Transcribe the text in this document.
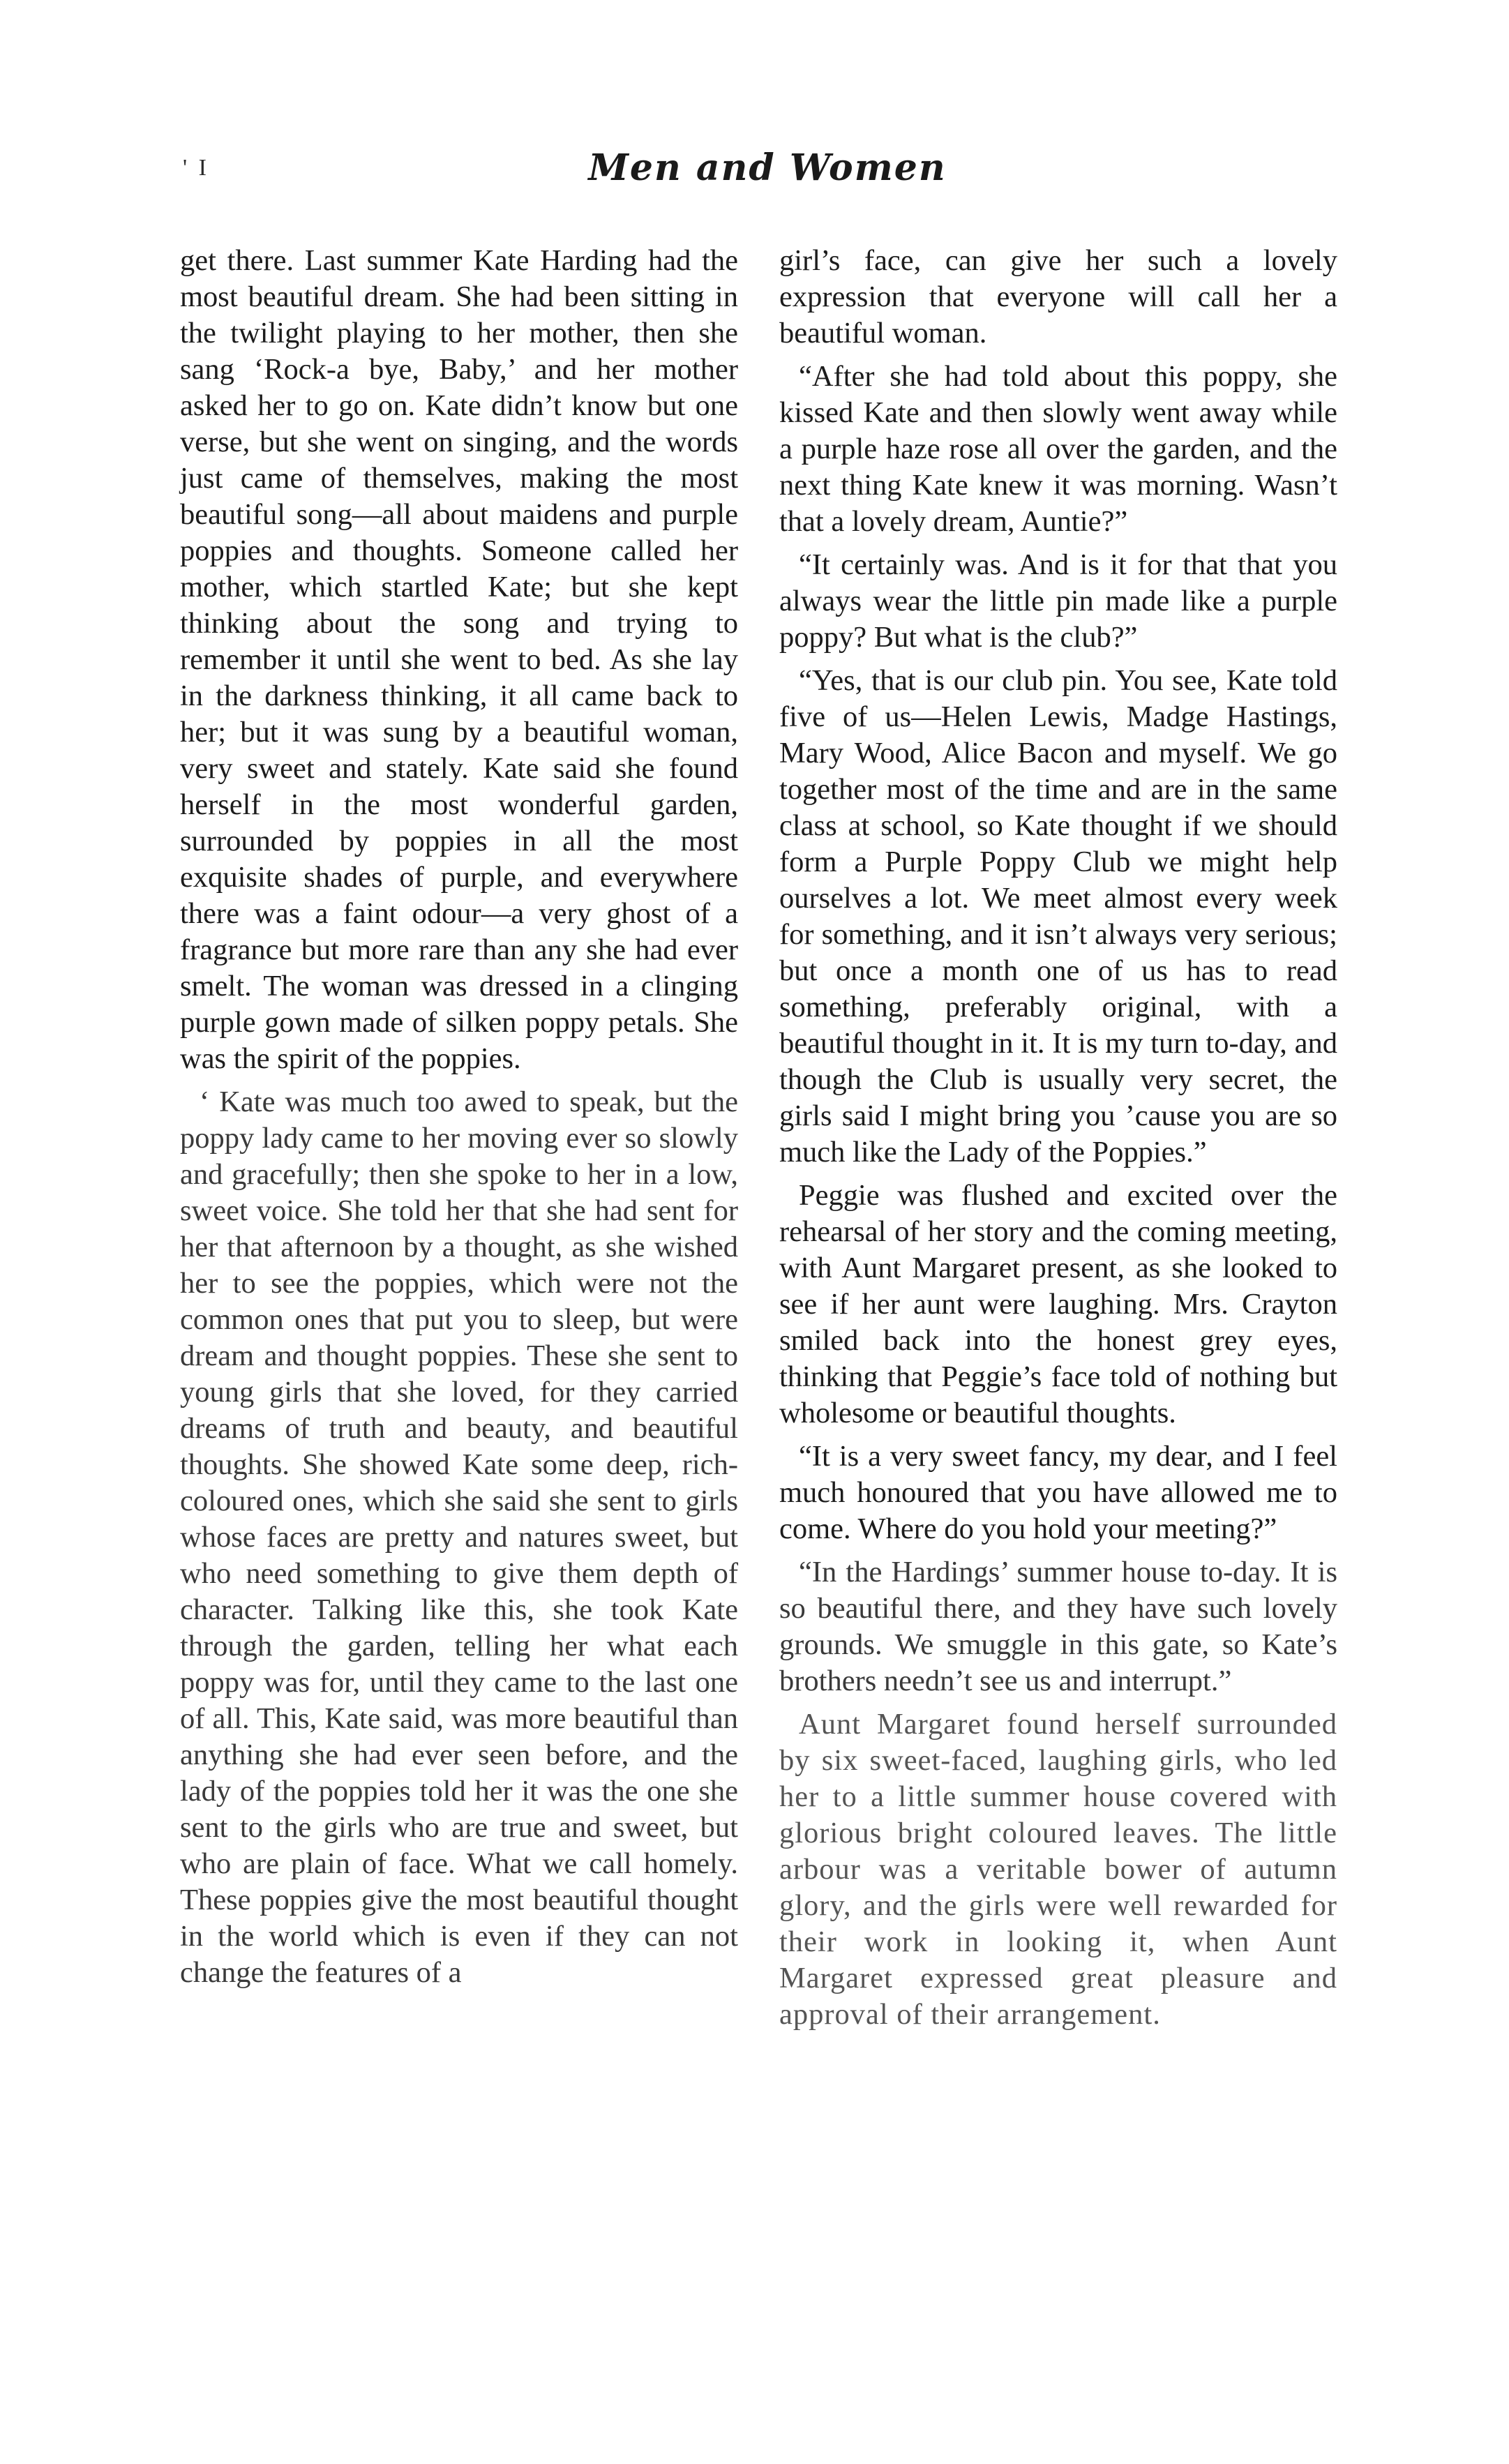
' I	Men and Women

get there. Last summer Kate Harding had the most beautiful dream. She had been sitting in the twilight playing to her mother, then she sang ‘Rock-a bye, Baby,’ and her mother asked her to go on. Kate didn’t know but one verse, but she went on singing, and the words just came of themselves, making the most beautiful song—all about maidens and purple poppies and thoughts. Someone called her mother, which startled Kate; but she kept thinking about the song and trying to remember it until she went to bed. As she lay in the darkness thinking, it all came back to her; but it was sung by a beautiful woman, very sweet and stately. Kate said she found herself in the most wonderful garden, surrounded by poppies in all the most exquisite shades of purple, and everywhere there was a faint odour—a very ghost of a fragrance but more rare than any she had ever smelt. The woman was dressed in a clinging purple gown made of silken poppy petals. She was the spirit of the poppies.

‘ Kate was much too awed to speak, but the poppy lady came to her moving ever so slowly and gracefully; then she spoke to her in a low, sweet voice. She told her that she had sent for her that afternoon by a thought, as she wished her to see the poppies, which were not the common ones that put you to sleep, but were dream and thought poppies. These she sent to young girls that she loved, for they carried dreams of truth and beauty, and beautiful thoughts. She showed Kate some deep, rich-coloured ones, which she said she sent to girls whose faces are pretty and natures sweet, but who need something to give them depth of character. Talking like this, she took Kate through the garden, telling her what each poppy was for, until they came to the last one of all. This, Kate said, was more beautiful than anything she had ever seen before, and the lady of the poppies told her it was the one she sent to the girls who are true and sweet, but who are plain of face. What we call homely. These poppies give the most beautiful thought in the world which is even if they can not change the features of a

girl’s face, can give her such a lovely expression that everyone will call her a beautiful woman.

“After she had told about this poppy, she kissed Kate and then slowly went away while a purple haze rose all over the garden, and the next thing Kate knew it was morning. Wasn’t that a lovely dream, Auntie?”

“It certainly was. And is it for that that you always wear the little pin made like a purple poppy? But what is the club?”

“Yes, that is our club pin. You see, Kate told five of us—Helen Lewis, Madge Hastings, Mary Wood, Alice Bacon and myself. We go together most of the time and are in the same class at school, so Kate thought if we should form a Purple Poppy Club we might help ourselves a lot. We meet almost every week for something, and it isn’t always very serious; but once a month one of us has to read something, preferably original, with a beautiful thought in it. It is my turn to-day, and though the Club is usually very secret, the girls said I might bring you ’cause you are so much like the Lady of the Poppies.”

Peggie was flushed and excited over the rehearsal of her story and the coming meeting, with Aunt Margaret present, as she looked to see if her aunt were laughing. Mrs. Crayton smiled back into the honest grey eyes, thinking that Peggie’s face told of nothing but wholesome or beautiful thoughts.

“It is a very sweet fancy, my dear, and I feel much honoured that you have allowed me to come. Where do you hold your meeting?”

“In the Hardings’ summer house to-day. It is so beautiful there, and they have such lovely grounds. We smuggle in this gate, so Kate’s brothers needn’t see us and interrupt.”

Aunt Margaret found herself surrounded by six sweet-faced, laughing girls, who led her to a little summer house covered with glorious bright coloured leaves. The little arbour was a veritable bower of autumn glory, and the girls were well rewarded for their work in looking it, when Aunt Margaret expressed great pleasure and approval of their arrangement.
